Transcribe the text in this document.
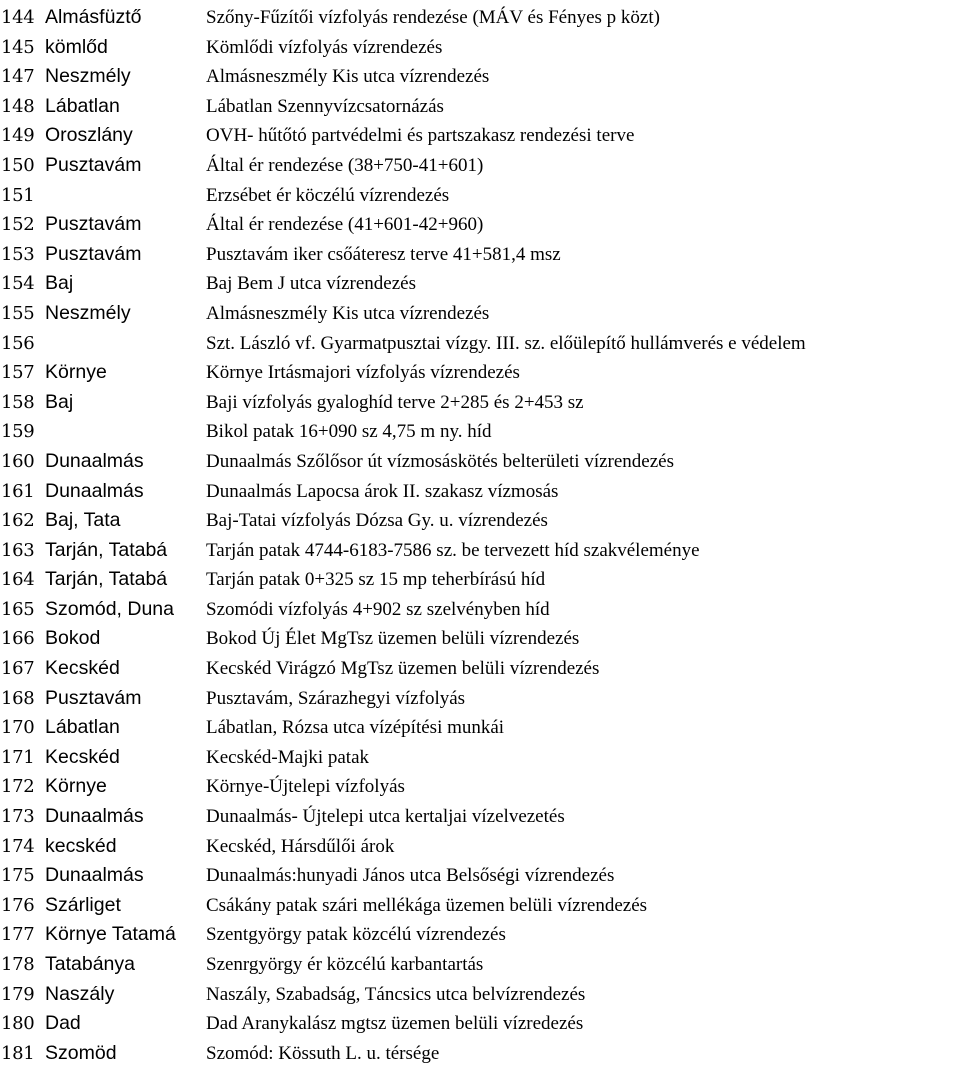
144 Almásfüztő	Szőny-Fűzítői vízfolyás rendezése (MÁV és Fényes p közt)
145 kömlőd	Kömlődi vízfolyás vízrendezés
147 Neszmély	Almásneszmély Kis utca vízrendezés
148 Lábatlan	Lábatlan Szennyvízcsatornázás
149 Oroszlány	OVH- hűtőtó partvédelmi és partszakasz rendezési terve
150 Pusztavám	Által ér rendezése (38+750-41+601)
151	Erzsébet ér köczélú vízrendezés
152 Pusztavám	Által ér rendezése (41+601-42+960)
153 Pusztavám	Pusztavám iker csőáteresz terve 41+581,4 msz
154 Baj	Baj Bem J utca vízrendezés
155 Neszmély	Almásneszmély Kis utca vízrendezés
156	Szt. László vf. Gyarmatpusztai vízgy. III. sz. előülepítő hullámverés e védelem
157 Környe	Környe Irtásmajori vízfolyás vízrendezés
158 Baj	Baji vízfolyás gyaloghíd terve 2+285 és 2+453 sz
159	Bikol patak 16+090 sz 4,75 m ny. híd
160 Dunaalmás	Dunaalmás Szőlősor út vízmosáskötés belterületi vízrendezés
161 Dunaalmás	Dunaalmás Lapocsa árok II. szakasz vízmosás
162 Baj, Tata	Baj-Tatai vízfolyás Dózsa Gy. u. vízrendezés
163 Tarján, Tatabá	Tarján patak 4744-6183-7586 sz. be tervezett híd szakvéleménye
164 Tarján, Tatabá	Tarján patak 0+325 sz 15 mp teherbírású híd
165 Szomód, Duna	Szomódi vízfolyás 4+902 sz szelvényben híd
166 Bokod	Bokod Új Élet MgTsz üzemen belüli vízrendezés
167 Kecskéd	Kecskéd Virágzó MgTsz üzemen belüli vízrendezés
168 Pusztavám	Pusztavám, Szárazhegyi vízfolyás
170 Lábatlan	Lábatlan, Rózsa utca vízépítési munkái
171 Kecskéd	Kecskéd-Majki patak
172 Környe	Környe-Újtelepi vízfolyás
173 Dunaalmás	Dunaalmás- Újtelepi utca kertaljai vízelvezetés
174 kecskéd	Kecskéd, Hársdűlői árok
175 Dunaalmás	Dunaalmás:hunyadi János utca Belsőségi vízrendezés
176 Szárliget	Csákány patak szári mellékága üzemen belüli vízrendezés
177 Környe Tatamá	Szentgyörgy patak közcélú vízrendezés
178 Tatabánya	Szenrgyörgy ér közcélú karbantartás
179 Naszály	Naszály, Szabadság, Táncsics utca belvízrendezés
180 Dad	Dad Aranykalász mgtsz üzemen belüli vízredezés
181 Szomöd	Szomód: Kössuth L. u. térsége
